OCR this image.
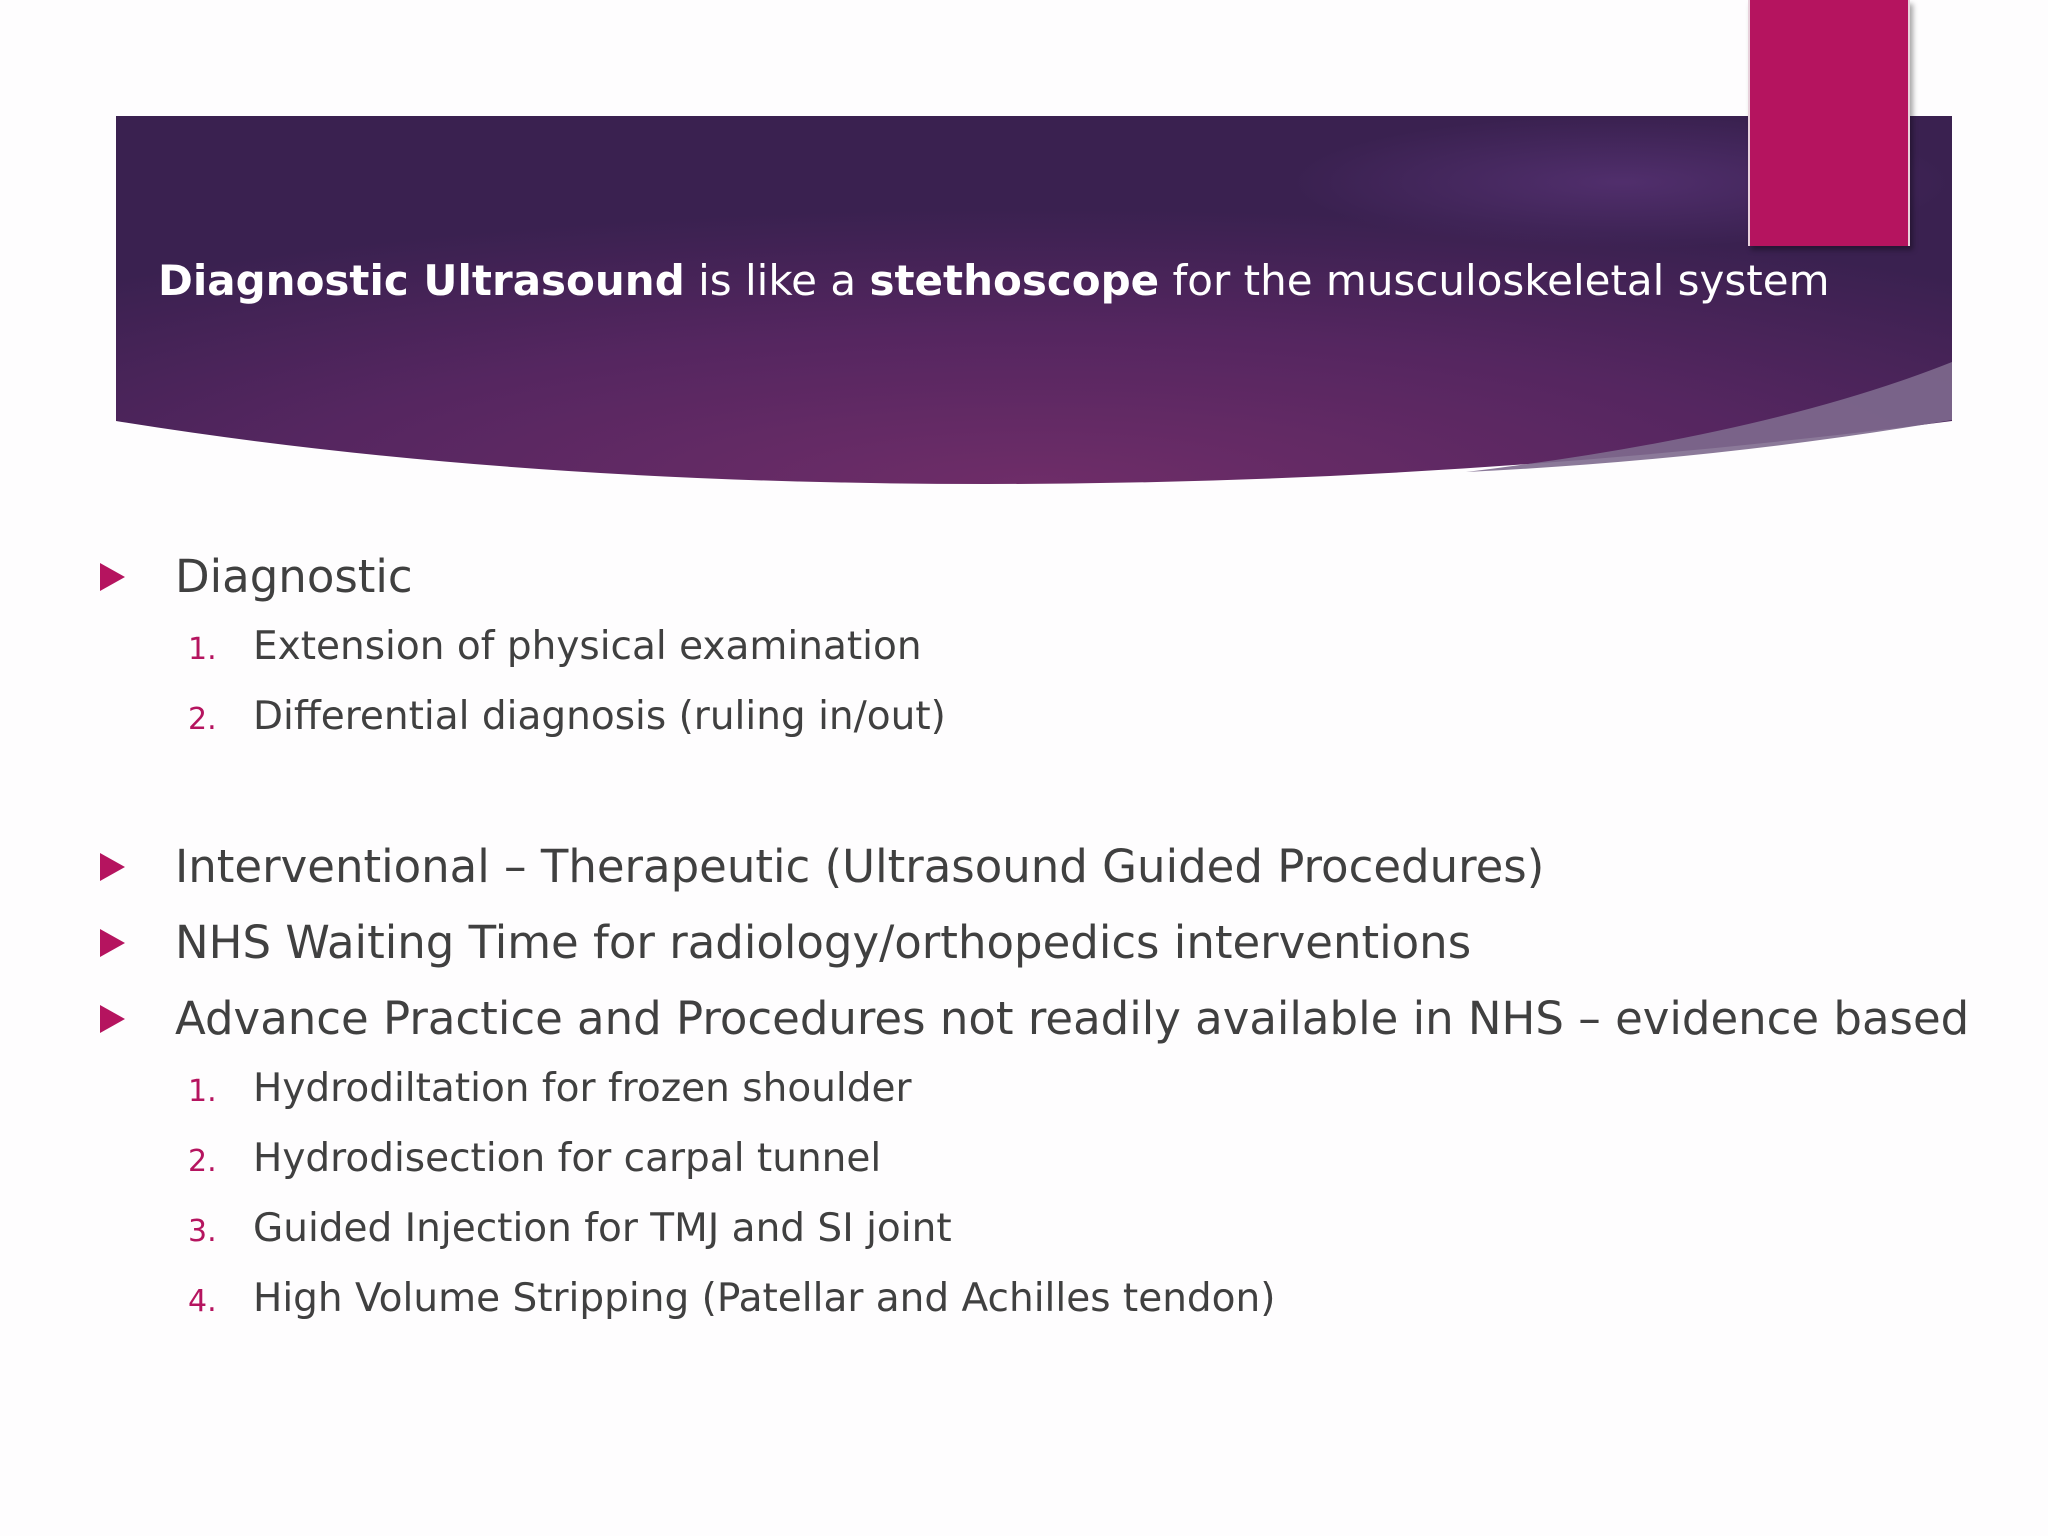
Diagnostic Ultrasound is like a stethoscope for the musculoskeletal system
Diagnostic
1. Extension of physical examination
2. Differential diagnosis (ruling in/out)
Interventional – Therapeutic (Ultrasound Guided Procedures)
NHS Waiting Time for radiology/orthopedics interventions
Advance Practice and Procedures not readily available in NHS – evidence based
1. Hydrodiltation for frozen shoulder
2. Hydrodisection for carpal tunnel
3. Guided Injection for TMJ and SI joint
4. High Volume Stripping (Patellar and Achilles tendon)
